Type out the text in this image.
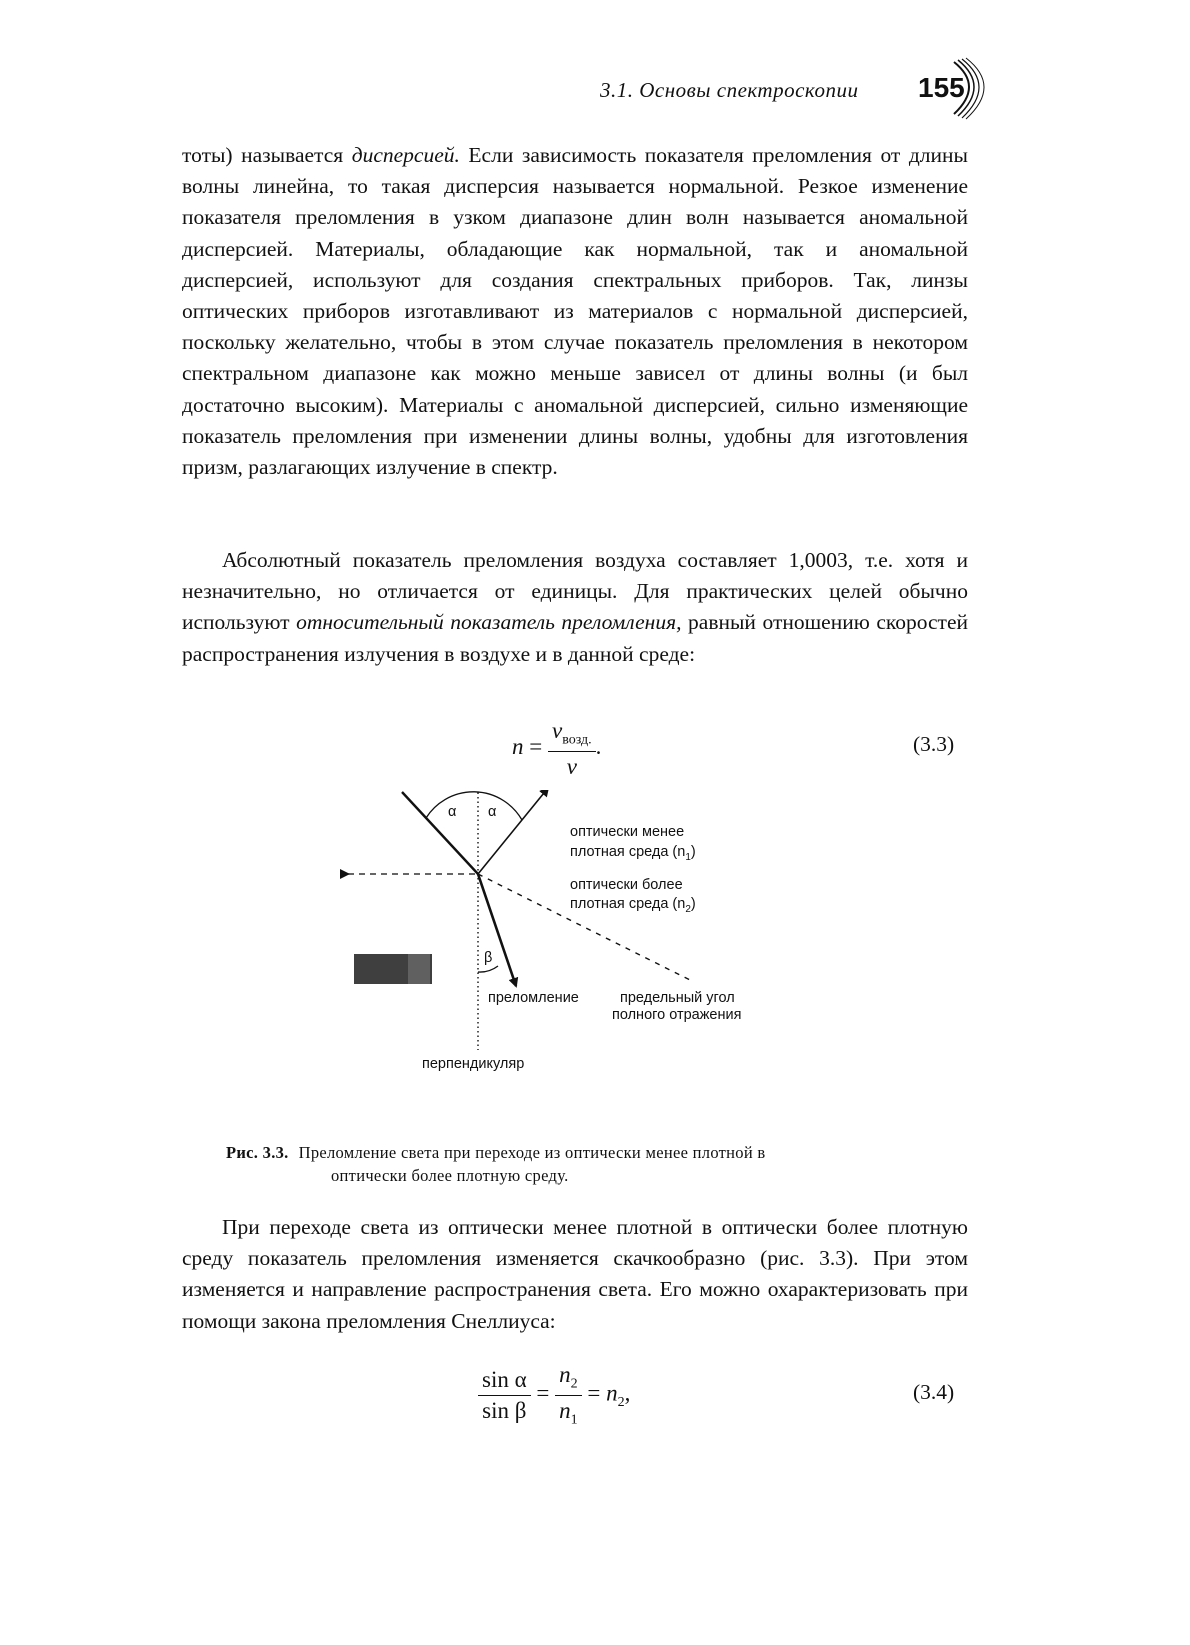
3.1. Основы спектроскопии 155

тоты) называется дисперсией. Если зависимость показателя преломления от длины волны линейна, то такая дисперсия называется нормальной. Резкое изменение показателя преломления в узком диапазоне длин волн называется аномальной дисперсией. Материалы, обладающие как нормальной, так и аномальной дисперсией, используют для создания спектральных приборов. Так, линзы оптических приборов изготавливают из материалов с нормальной дисперсией, поскольку желательно, чтобы в этом случае показатель преломления в некотором спектральном диапазоне как можно меньше зависел от длины волны (и был достаточно высоким). Материалы с аномальной дисперсией, сильно изменяющие показатель преломления при изменении длины волны, удобны для изготовления призм, разлагающих излучение в спектр.

Абсолютный показатель преломления воздуха составляет 1,0003, т.е. хотя и незначительно, но отличается от единицы. Для практических целей обычно используют относительный показатель преломления, равный отношению скоростей распространения излучения в воздухе и в данной среде:

$n = \frac{v_{возд.}}{v}$ .	(3.3)
α α
оптически менее
плотная среда $(n_1)$
оптически более
плотная среда $(n_2)$
β
преломление	предельный угол
полного отражения
перпендикуляр
Рис. 3.3. Преломление света при переходе из оптически менее плотной в
оптически более плотную среду.

При переходе света из оптически менее плотной в оптически более плотную среду показатель преломления изменяется скачкообразно (рис. 3.3). При этом изменяется и направление распространения света. Его можно охарактеризовать при помощи закона преломления Снеллиуса:

$\frac{\text{sin α}}{\text{sin β}} = \frac{n_2}{n_1} = n_2$,	(3.4)
